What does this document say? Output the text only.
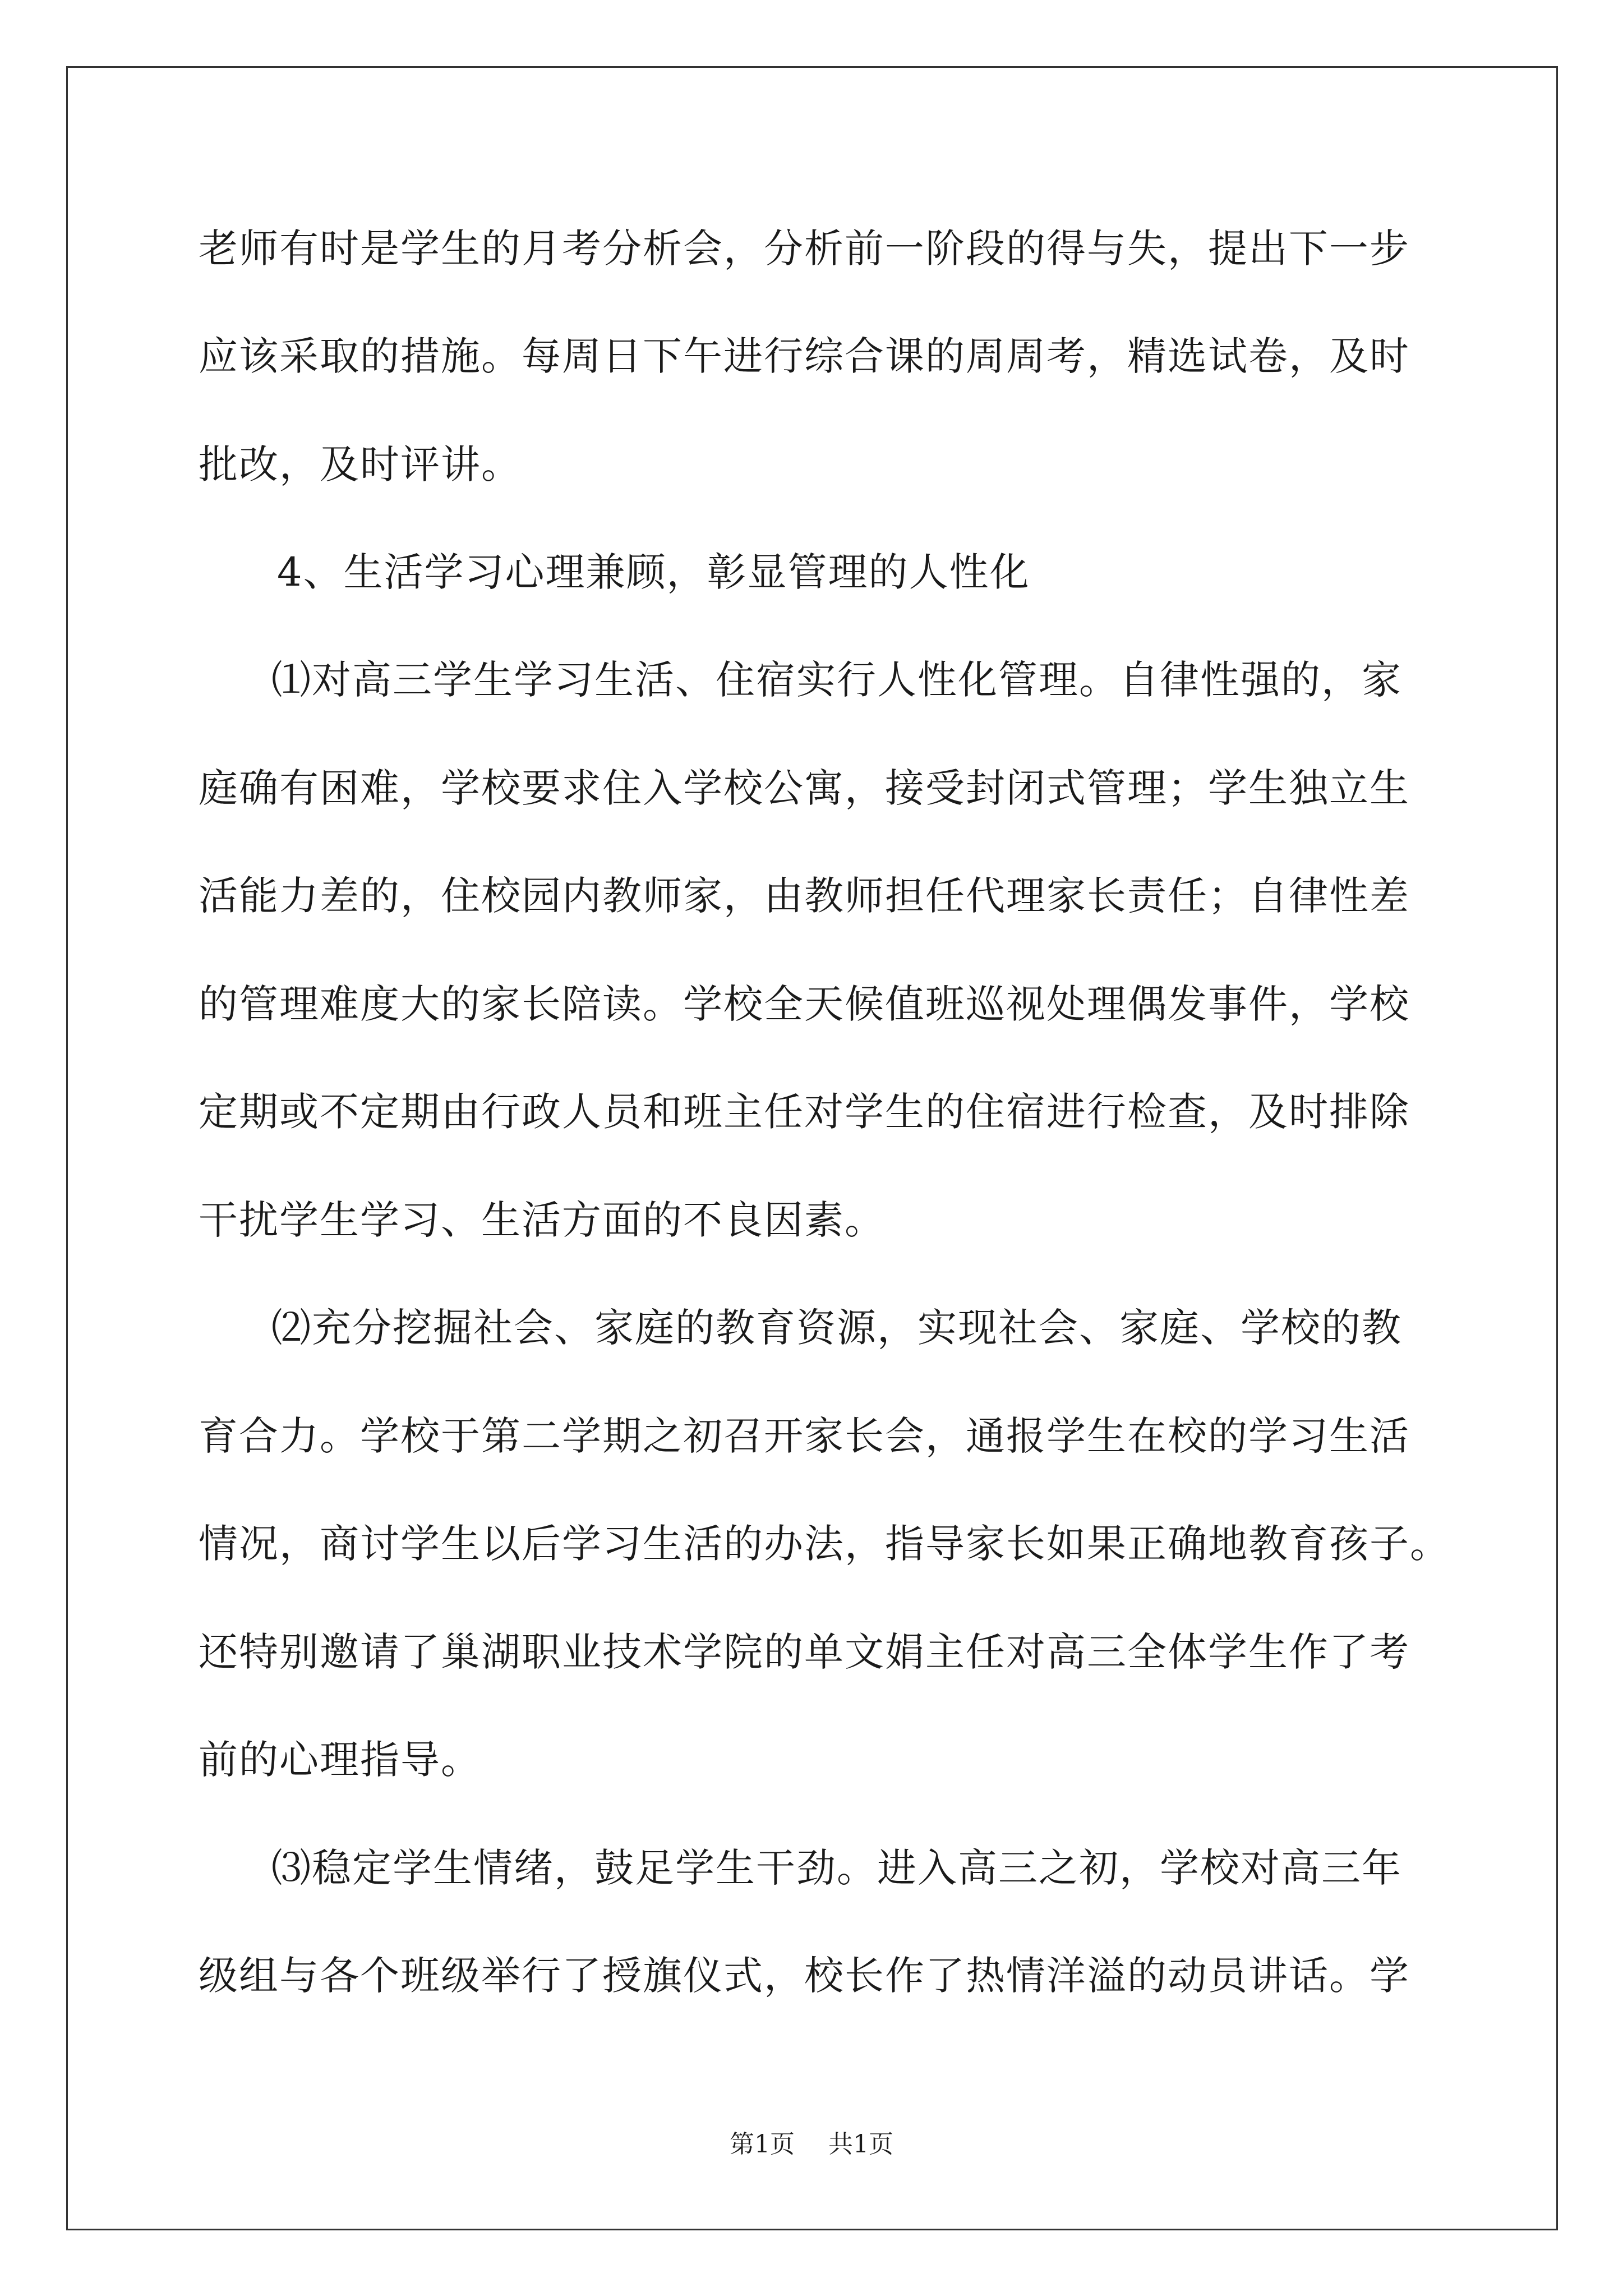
老师有时是学生的月考分析会，分析前一阶段的得与失，提出下一步
应该采取的措施。每周日下午进行综合课的周周考，精选试卷，及时
批改，及时评讲。
4、生活学习心理兼顾，彰显管理的人性化
⑴对高三学生学习生活、住宿实行人性化管理。自律性强的，家
庭确有困难，学校要求住入学校公寓，接受封闭式管理；学生独立生
活能力差的，住校园内教师家，由教师担任代理家长责任；自律性差
的管理难度大的家长陪读。学校全天候值班巡视处理偶发事件，学校
定期或不定期由行政人员和班主任对学生的住宿进行检查，及时排除
干扰学生学习、生活方面的不良因素。
⑵充分挖掘社会、家庭的教育资源，实现社会、家庭、学校的教
育合力。学校于第二学期之初召开家长会，通报学生在校的学习生活
情况，商讨学生以后学习生活的办法，指导家长如果正确地教育孩子。
还特别邀请了巢湖职业技术学院的单文娟主任对高三全体学生作了考
前的心理指导。
⑶稳定学生情绪，鼓足学生干劲。进入高三之初，学校对高三年
级组与各个班级举行了授旗仪式，校长作了热情洋溢的动员讲话。学
第1页 共1页
